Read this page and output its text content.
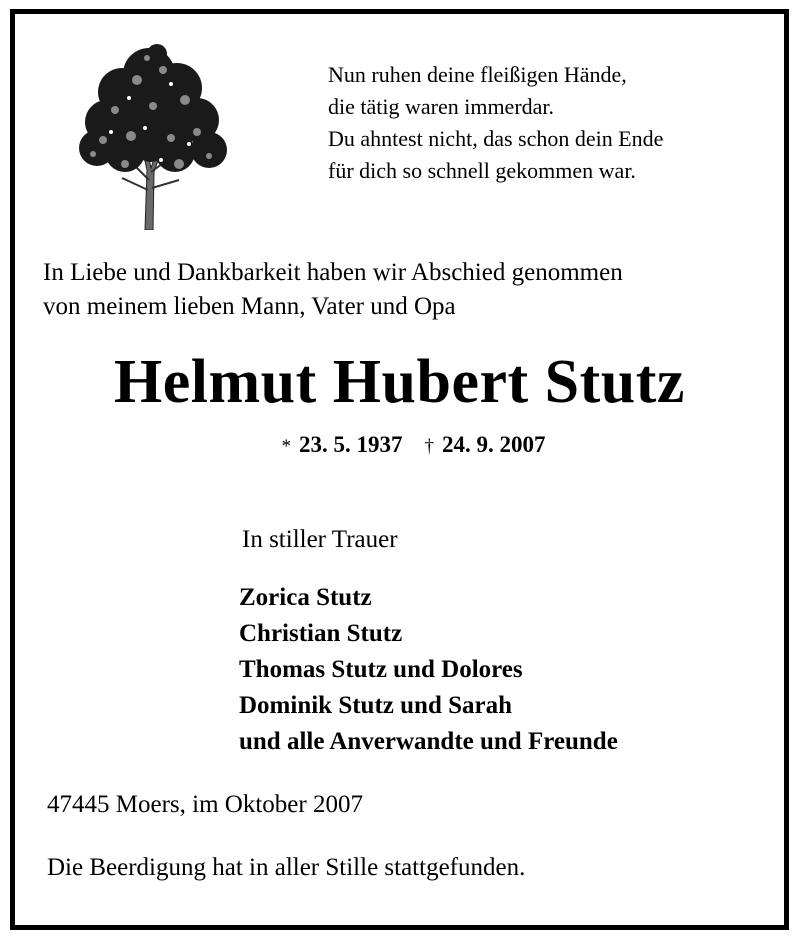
Nun ruhen deine fleißigen Hände,
die tätig waren immerdar.
Du ahntest nicht, das schon dein Ende
für dich so schnell gekommen war.
In Liebe und Dankbarkeit haben wir Abschied genommen
von meinem lieben Mann, Vater und Opa
Helmut Hubert Stutz
* 23. 5. 1937 † 24. 9. 2007
In stiller Trauer
Zorica Stutz
Christian Stutz
Thomas Stutz und Dolores
Dominik Stutz und Sarah
und alle Anverwandte und Freunde
47445 Moers, im Oktober 2007
Die Beerdigung hat in aller Stille stattgefunden.
